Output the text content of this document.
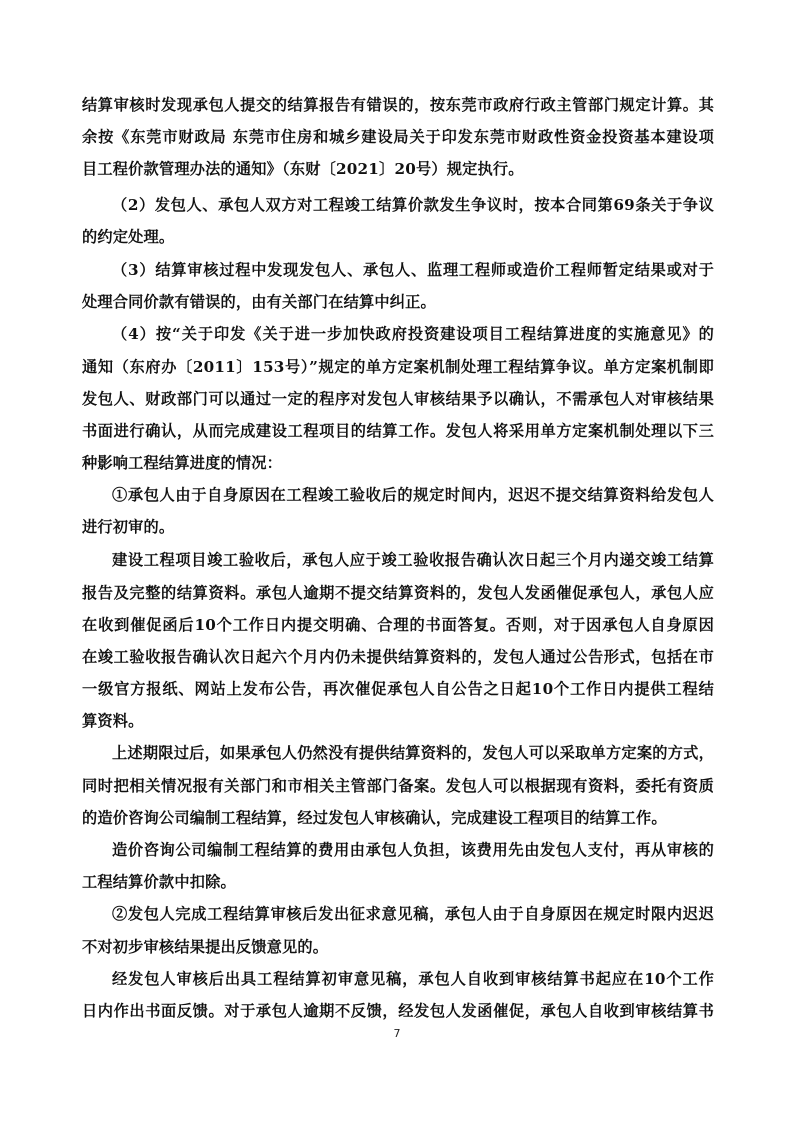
结算审核时发现承包人提交的结算报告有错误的，按东莞市政府行政主管部门规定计算。其
余按《东莞市财政局 东莞市住房和城乡建设局关于印发东莞市财政性资金投资基本建设项
目工程价款管理办法的通知》（东财〔2021〕20号）规定执行。
（2）发包人、承包人双方对工程竣工结算价款发生争议时，按本合同第69条关于争议
的约定处理。
（3）结算审核过程中发现发包人、承包人、监理工程师或造价工程师暂定结果或对于
处理合同价款有错误的，由有关部门在结算中纠正。
（4）按“关于印发《关于进一步加快政府投资建设项目工程结算进度的实施意见》的
通知（东府办〔2011〕153号）”规定的单方定案机制处理工程结算争议。单方定案机制即
发包人、财政部门可以通过一定的程序对发包人审核结果予以确认，不需承包人对审核结果
书面进行确认，从而完成建设工程项目的结算工作。发包人将采用单方定案机制处理以下三
种影响工程结算进度的情况：
①承包人由于自身原因在工程竣工验收后的规定时间内，迟迟不提交结算资料给发包人
进行初审的。
建设工程项目竣工验收后，承包人应于竣工验收报告确认次日起三个月内递交竣工结算
报告及完整的结算资料。承包人逾期不提交结算资料的，发包人发函催促承包人，承包人应
在收到催促函后10个工作日内提交明确、合理的书面答复。否则，对于因承包人自身原因
在竣工验收报告确认次日起六个月内仍未提供结算资料的，发包人通过公告形式，包括在市
一级官方报纸、网站上发布公告，再次催促承包人自公告之日起10个工作日内提供工程结
算资料。
上述期限过后，如果承包人仍然没有提供结算资料的，发包人可以采取单方定案的方式，
同时把相关情况报有关部门和市相关主管部门备案。发包人可以根据现有资料，委托有资质
的造价咨询公司编制工程结算，经过发包人审核确认，完成建设工程项目的结算工作。
造价咨询公司编制工程结算的费用由承包人负担，该费用先由发包人支付，再从审核的
工程结算价款中扣除。
②发包人完成工程结算审核后发出征求意见稿，承包人由于自身原因在规定时限内迟迟
不对初步审核结果提出反馈意见的。
经发包人审核后出具工程结算初审意见稿，承包人自收到审核结算书起应在10个工作
日内作出书面反馈。对于承包人逾期不反馈，经发包人发函催促，承包人自收到审核结算书
7
